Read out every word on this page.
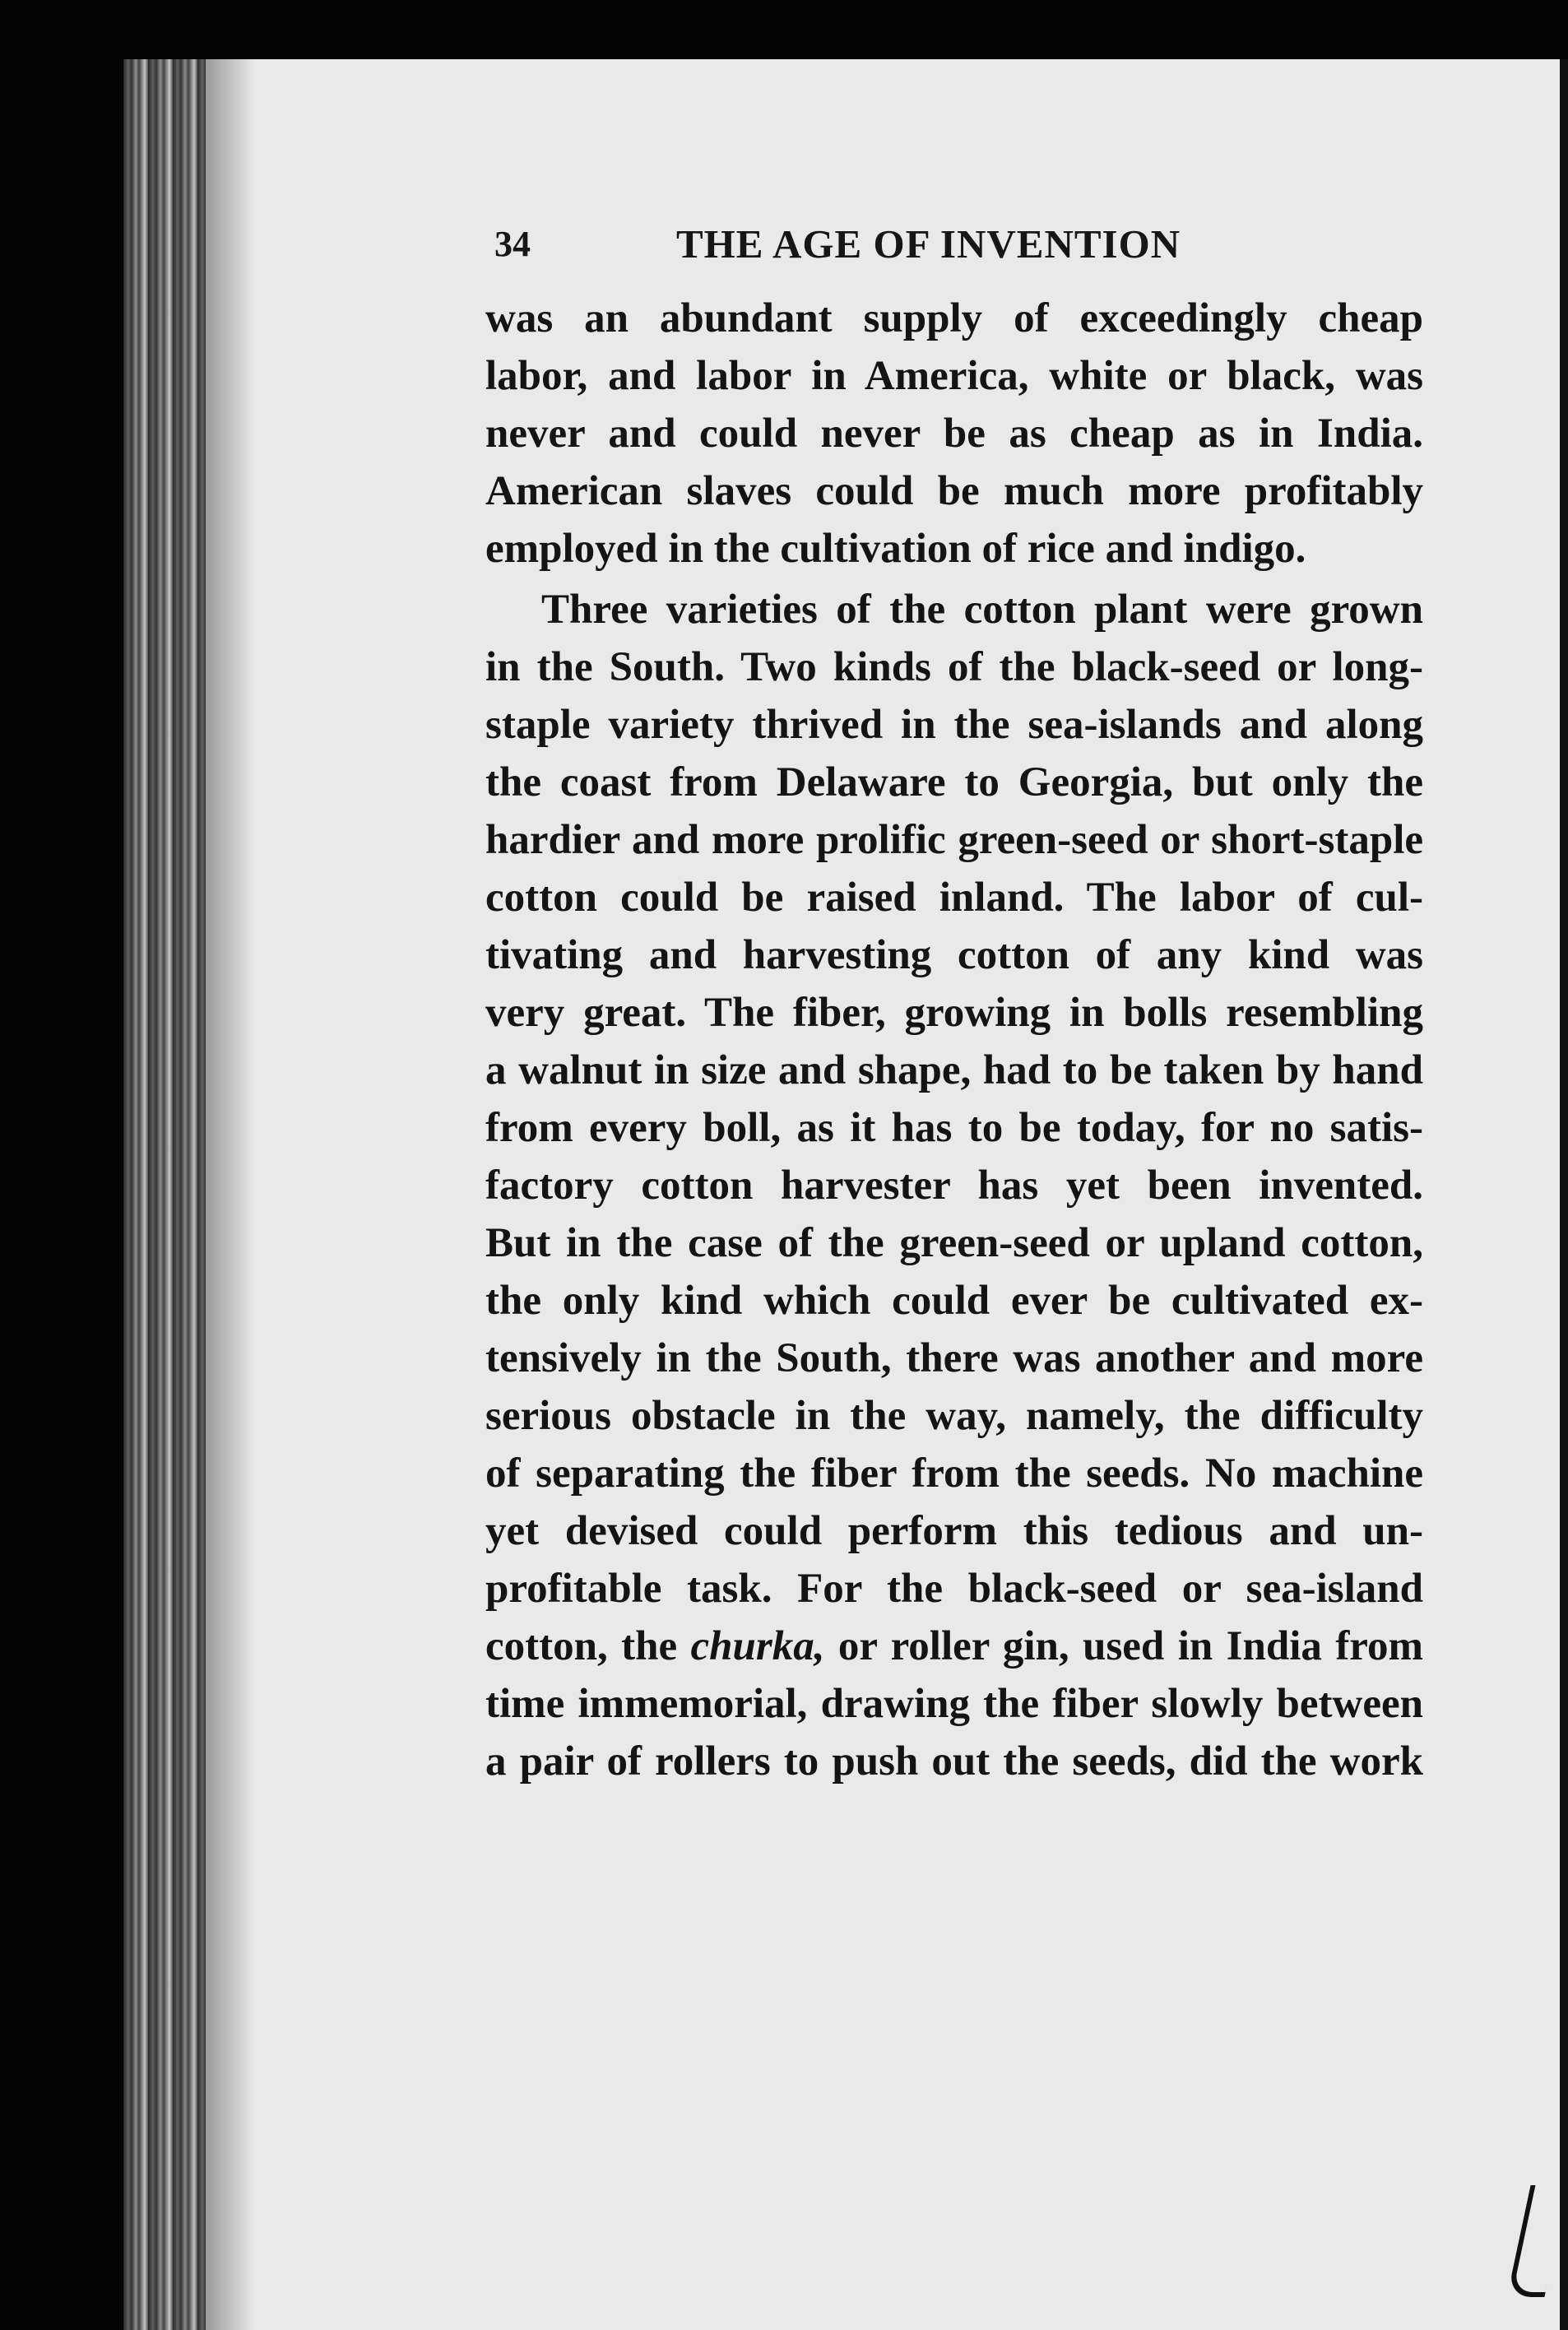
34	THE AGE OF INVENTION
was an abundant supply of exceedingly cheap
labor, and labor in America, white or black, was
never and could never be as cheap as in India.
American slaves could be much more profitably
employed in the cultivation of rice and indigo.
Three varieties of the cotton plant were grown
in the South. Two kinds of the black-seed or long-
staple variety thrived in the sea-islands and along
the coast from Delaware to Georgia, but only the
hardier and more prolific green-seed or short-staple
cotton could be raised inland. The labor of cul-
tivating and harvesting cotton of any kind was
very great. The fiber, growing in bolls resembling
a walnut in size and shape, had to be taken by hand
from every boll, as it has to be today, for no satis-
factory cotton harvester has yet been invented.
But in the case of the green-seed or upland cotton,
the only kind which could ever be cultivated ex-
tensively in the South, there was another and more
serious obstacle in the way, namely, the difficulty
of separating the fiber from the seeds. No machine
yet devised could perform this tedious and un-
profitable task. For the black-seed or sea-island
cotton, the churka, or roller gin, used in India from
time immemorial, drawing the fiber slowly between
a pair of rollers to push out the seeds, did the work
